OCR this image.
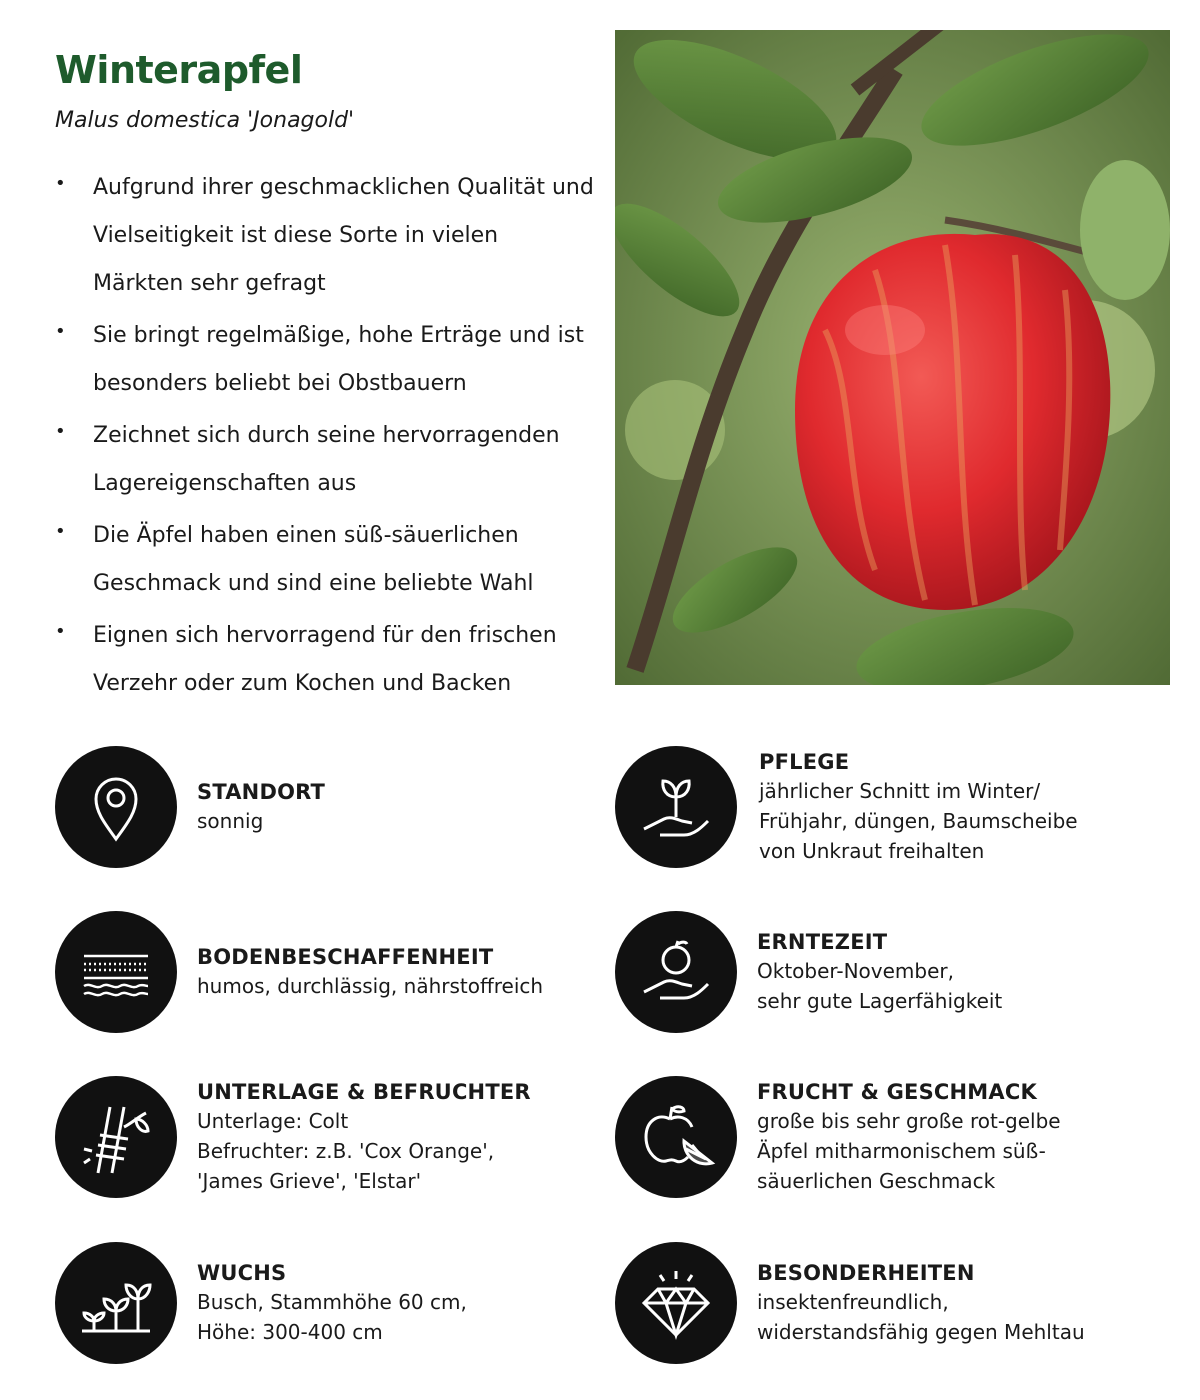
Winterapfel
Malus domestica 'Jonagold'
• Aufgrund ihrer geschmacklichen Qualität und Vielseitigkeit ist diese Sorte in vielen Märkten sehr gefragt
• Sie bringt regelmäßige, hohe Erträge und ist besonders beliebt bei Obstbauern
• Zeichnet sich durch seine hervorragenden Lagereigenschaften aus
• Die Äpfel haben einen süß-säuerlichen Geschmack und sind eine beliebte Wahl
• Eignen sich hervorragend für den frischen Verzehr oder zum Kochen und Backen
STANDORT
sonnig
PFLEGE
jährlicher Schnitt im Winter/
Frühjahr, düngen, Baumscheibe
von Unkraut freihalten
BODENBESCHAFFENHEIT
humos, durchlässig, nährstoffreich
ERNTEZEIT
Oktober-November,
sehr gute Lagerfähigkeit
UNTERLAGE & BEFRUCHTER
Unterlage: Colt
Befruchter: z.B. 'Cox Orange',
'James Grieve', 'Elstar'
FRUCHT & GESCHMACK
große bis sehr große rot-gelbe
Äpfel mitharmonischem süß-
säuerlichen Geschmack
WUCHS
Busch, Stammhöhe 60 cm,
Höhe: 300-400 cm
BESONDERHEITEN
insektenfreundlich,
widerstandsfähig gegen Mehltau
